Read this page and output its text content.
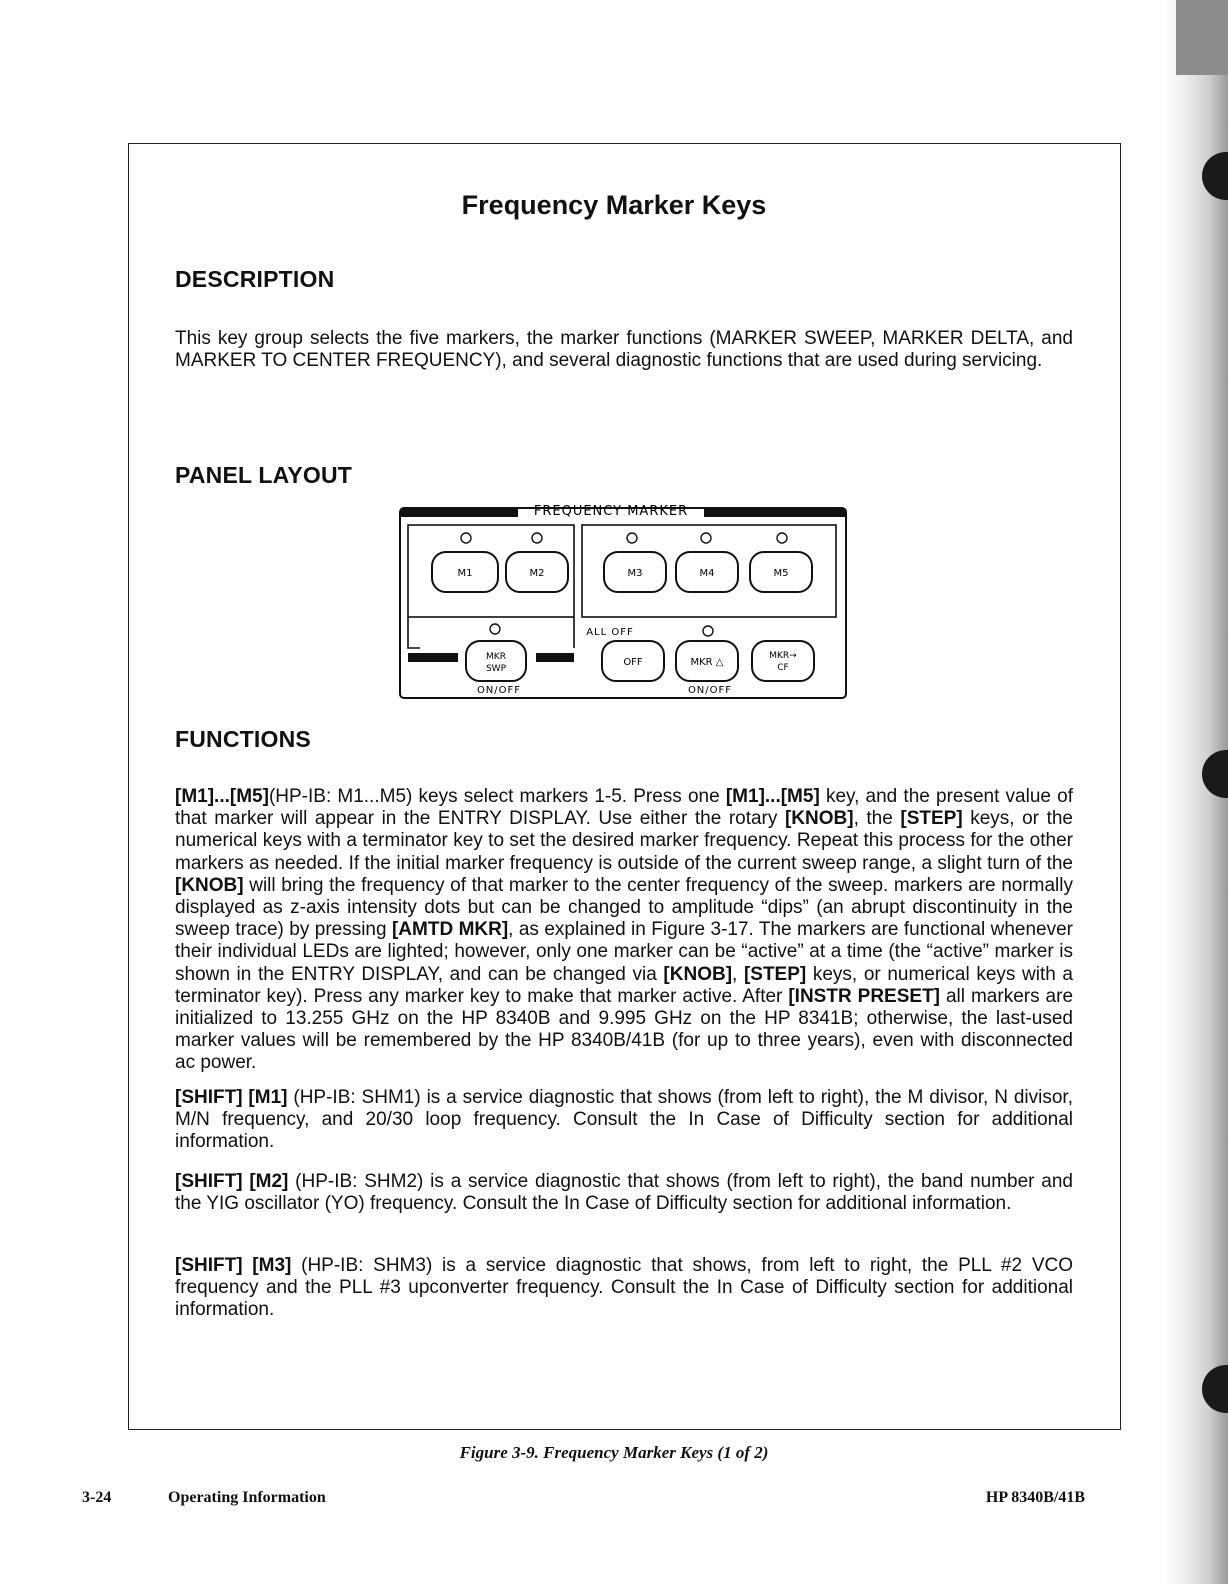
Frequency Marker Keys
DESCRIPTION

This key group selects the five markers, the marker functions (MARKER SWEEP, MARKER DELTA, and MARKER TO CENTER FREQUENCY), and several diagnostic functions that are used during servicing.

PANEL LAYOUT
FREQUENCY MARKER
M1	M2	M3	M4	M5
MKR
SWP
ALL OFF
OFF	MKR △
MKR→
CF
ON/OFF	ON/OFF
FUNCTIONS

[M1]...[M5](HP-IB: M1...M5) keys select markers 1-5. Press one [M1]...[M5] key, and the present value of that marker will appear in the ENTRY DISPLAY. Use either the rotary [KNOB], the [STEP] keys, or the numerical keys with a terminator key to set the desired marker frequency. Repeat this process for the other markers as needed. If the initial marker frequency is outside of the current sweep range, a slight turn of the [KNOB] will bring the frequency of that marker to the center frequency of the sweep. markers are normally displayed as z-axis intensity dots but can be changed to amplitude “dips” (an abrupt discontinuity in the sweep trace) by pressing [AMTD MKR], as explained in Figure 3-17. The markers are functional whenever their individual LEDs are lighted; however, only one marker can be “active” at a time (the “active” marker is shown in the ENTRY DISPLAY, and can be changed via [KNOB], [STEP] keys, or numerical keys with a terminator key). Press any marker key to make that marker active. After [INSTR PRESET] all markers are initialized to 13.255 GHz on the HP 8340B and 9.995 GHz on the HP 8341B; otherwise, the last-used marker values will be remembered by the HP 8340B/41B (for up to three years), even with disconnected ac power.

[SHIFT] [M1] (HP-IB: SHM1) is a service diagnostic that shows (from left to right), the M divisor, N divisor, M/N frequency, and 20/30 loop frequency. Consult the In Case of Difficulty section for additional information.

[SHIFT] [M2] (HP-IB: SHM2) is a service diagnostic that shows (from left to right), the band number and the YIG oscillator (YO) frequency. Consult the In Case of Difficulty section for additional information.

[SHIFT] [M3] (HP-IB: SHM3) is a service diagnostic that shows, from left to right, the PLL #2 VCO frequency and the PLL #3 upconverter frequency. Consult the In Case of Difficulty section for additional information.

Figure 3-9. Frequency Marker Keys (1 of 2)

3-24	Operating Information	HP 8340B/41B
